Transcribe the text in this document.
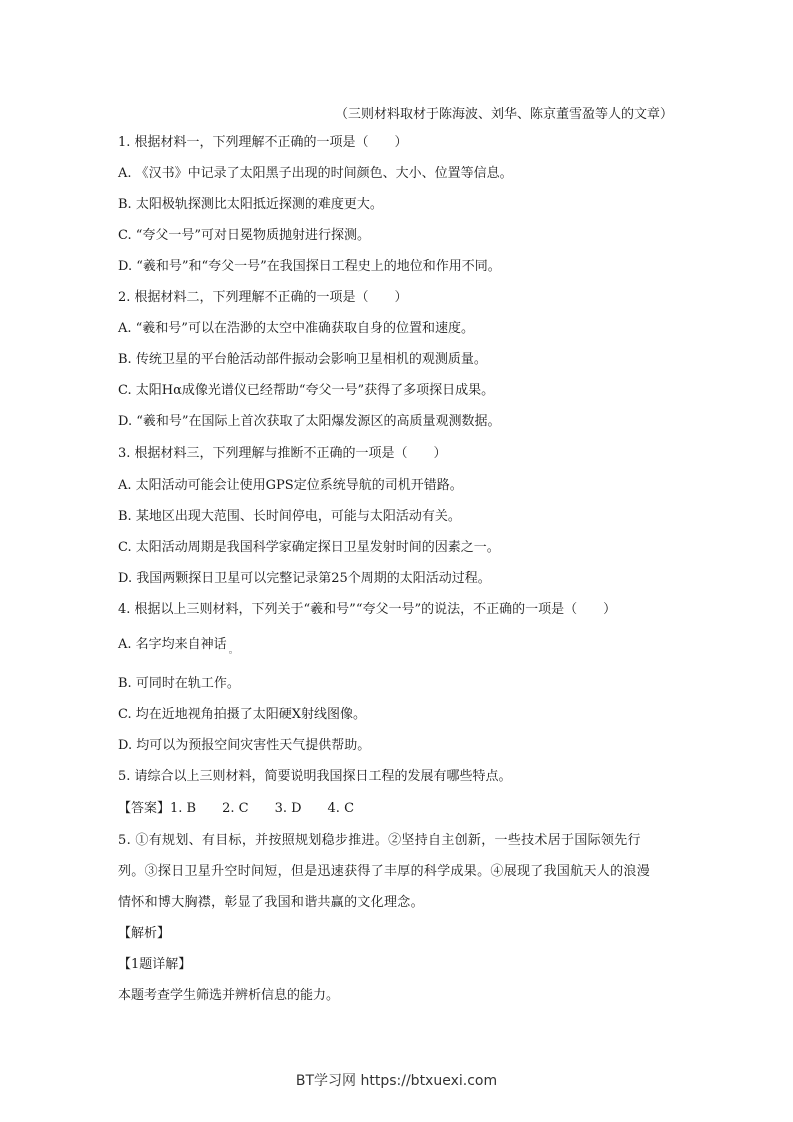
（三则材料取材于陈海波、刘华、陈京董雪盈等人的文章）
1. 根据材料一，下列理解不正确的一项是（　　）
A. 《汉书》中记录了太阳黑子出现的时间颜色、大小、位置等信息。
B. 太阳极轨探测比太阳抵近探测的难度更大。
C. “夸父一号”可对日冕物质抛射进行探测。
D. “羲和号”和“夸父一号”在我国探日工程史上的地位和作用不同。
2. 根据材料二，下列理解不正确的一项是（　　）
A. “羲和号”可以在浩渺的太空中准确获取自身的位置和速度。
B. 传统卫星的平台舱活动部件振动会影响卫星相机的观测质量。
C. 太阳Hα成像光谱仪已经帮助“夸父一号”获得了多项探日成果。
D. “羲和号”在国际上首次获取了太阳爆发源区的高质量观测数据。
3. 根据材料三，下列理解与推断不正确的一项是（　　）
A. 太阳活动可能会让使用GPS定位系统导航的司机开错路。
B. 某地区出现大范围、长时间停电，可能与太阳活动有关。
C. 太阳活动周期是我国科学家确定探日卫星发射时间的因素之一。
D. 我国两颗探日卫星可以完整记录第25个周期的太阳活动过程。
4. 根据以上三则材料，下列关于“羲和号”“夸父一号”的说法，不正确的一项是（　　）
A. 名字均来自神话 $_。$
B. 可同时在轨工作。
C. 均在近地视角拍摄了太阳硬X射线图像。
D. 均可以为预报空间灾害性天气提供帮助。
5. 请综合以上三则材料，简要说明我国探日工程的发展有哪些特点。
【答案】1. B　　2. C　　3. D　　4. C
5. ①有规划、有目标，并按照规划稳步推进。②坚持自主创新，一些技术居于国际领先行
列。③探日卫星升空时间短，但是迅速获得了丰厚的科学成果。④展现了我国航天人的浪漫
情怀和博大胸襟，彰显了我国和谐共赢的文化理念。
【解析】
【1题详解】
本题考查学生筛选并辨析信息的能力。
BT学习网 https://btxuexi.com
